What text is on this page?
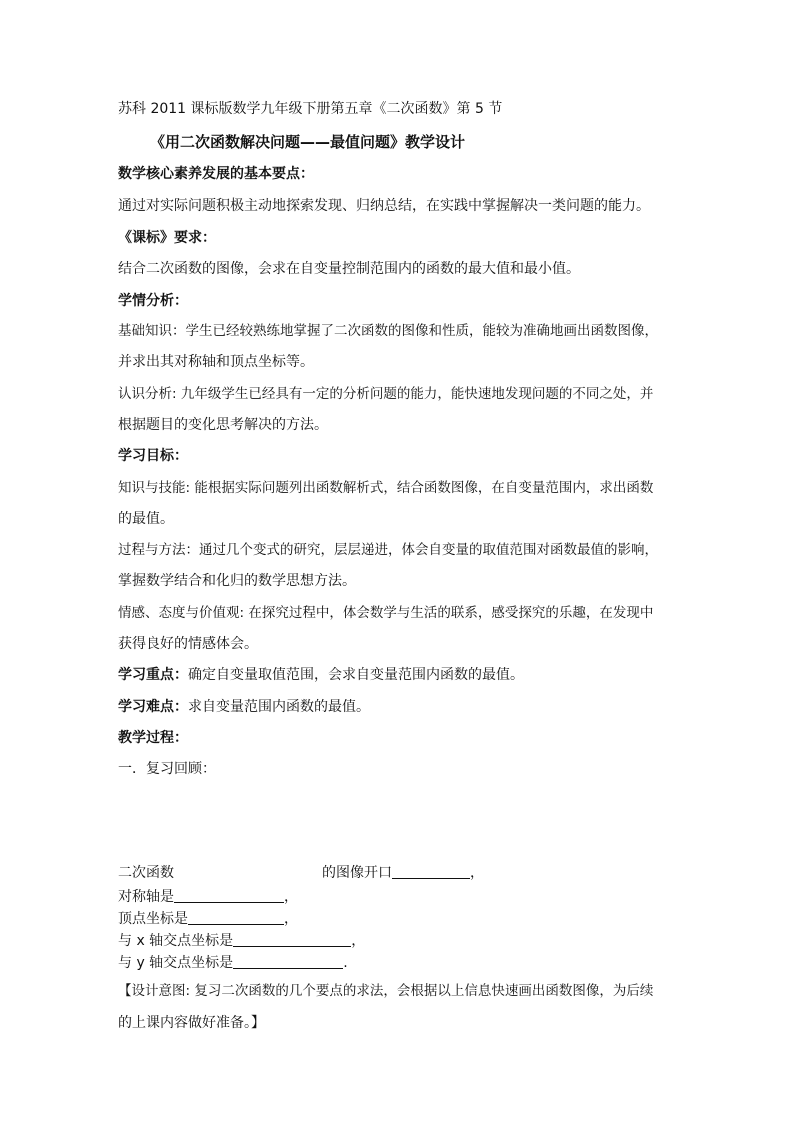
苏科 2011 课标版数学九年级下册第五章《二次函数》第 5 节
《用二次函数解决问题——最值问题》教学设计
数学核心素养发展的基本要点：
通过对实际问题积极主动地探索发现、归纳总结，在实践中掌握解决一类问题的能力。
《课标》要求：
结合二次函数的图像，会求在自变量控制范围内的函数的最大值和最小值。
学情分析：
基础知识：学生已经较熟练地掌握了二次函数的图像和性质，能较为准确地画出函数图像，
并求出其对称轴和顶点坐标等。
认识分析: 九年级学生已经具有一定的分析问题的能力，能快速地发现问题的不同之处，并
根据题目的变化思考解决的方法。
学习目标：
知识与技能: 能根据实际问题列出函数解析式，结合函数图像，在自变量范围内，求出函数
的最值。
过程与方法：通过几个变式的研究，层层递进，体会自变量的取值范围对函数最值的影响，
掌握数学结合和化归的数学思想方法。
情感、态度与价值观: 在探究过程中，体会数学与生活的联系，感受探究的乐趣，在发现中
获得良好的情感体会。
学习重点：确定自变量取值范围，会求自变量范围内函数的最值。
学习难点：求自变量范围内函数的最值。
教学过程：
一．复习回顾：
二次函数	的图像开口	，
对称轴是	，
顶点坐标是	，
与 x 轴交点坐标是	，
与 y 轴交点坐标是	.
【设计意图: 复习二次函数的几个要点的求法，会根据以上信息快速画出函数图像，为后续
的上课内容做好准备。】
